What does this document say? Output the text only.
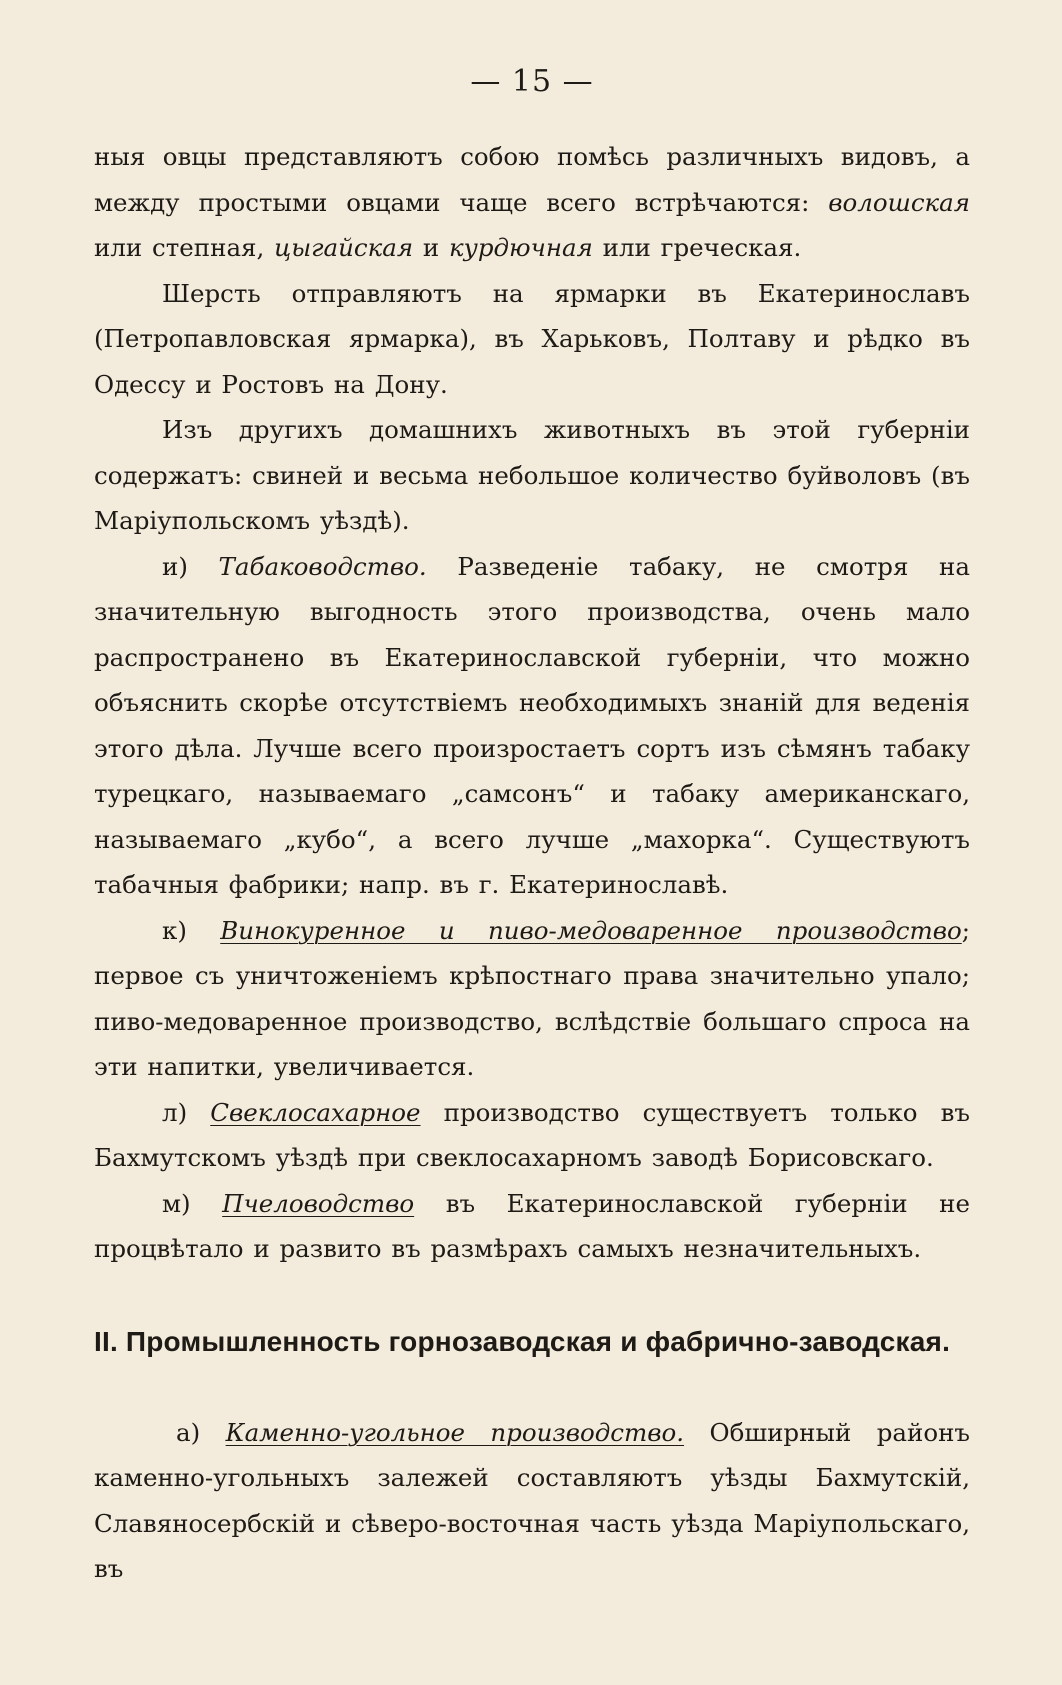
— 15 —

ныя овцы представляютъ собою помѣсь различныхъ видовъ, а между простыми овцами чаще всего встрѣчаются: волошская или степная, цыгайская и курдючная или греческая.

Шерсть отправляютъ на ярмарки въ Екатеринославъ (Петропавловская ярмарка), въ Харьковъ, Полтаву и рѣдко въ Одессу и Ростовъ на Дону.

Изъ другихъ домашнихъ животныхъ въ этой губерніи содержатъ: свиней и весьма небольшое количество буйволовъ (въ Маріупольскомъ уѣздѣ).

и) Табаководство. Разведеніе табаку, не смотря на значительную выгодность этого производства, очень мало распространено въ Екатеринославской губерніи, что можно объяснить скорѣе отсутствіемъ необходимыхъ знаній для веденія этого дѣла. Лучше всего произростаетъ сортъ изъ сѣмянъ табаку турецкаго, называемаго „самсонъ“ и табаку американскаго, называемаго „кубо“, а всего лучше „махорка“. Существуютъ табачныя фабрики; напр. въ г. Екатеринославѣ.

к) Винокуренное и пиво-медоваренное производство; первое съ уничтоженіемъ крѣпостнаго права значительно упало; пиво-медоваренное производство, вслѣдствіе большаго спроса на эти напитки, увеличивается.

л) Свеклосахарное производство существуетъ только въ Бахмутскомъ уѣздѣ при свеклосахарномъ заводѣ Борисовскаго.

м) Пчеловодство въ Екатеринославской губерніи не процвѣтало и развито въ размѣрахъ самыхъ незначительныхъ.

II. Промышленность горнозаводская и фабрично-заводская.

а) Каменно-угольное производство. Обширный районъ каменно-угольныхъ залежей составляютъ уѣзды Бахмутскій, Славяносербскій и сѣверо-восточная часть уѣзда Маріупольскаго, въ
